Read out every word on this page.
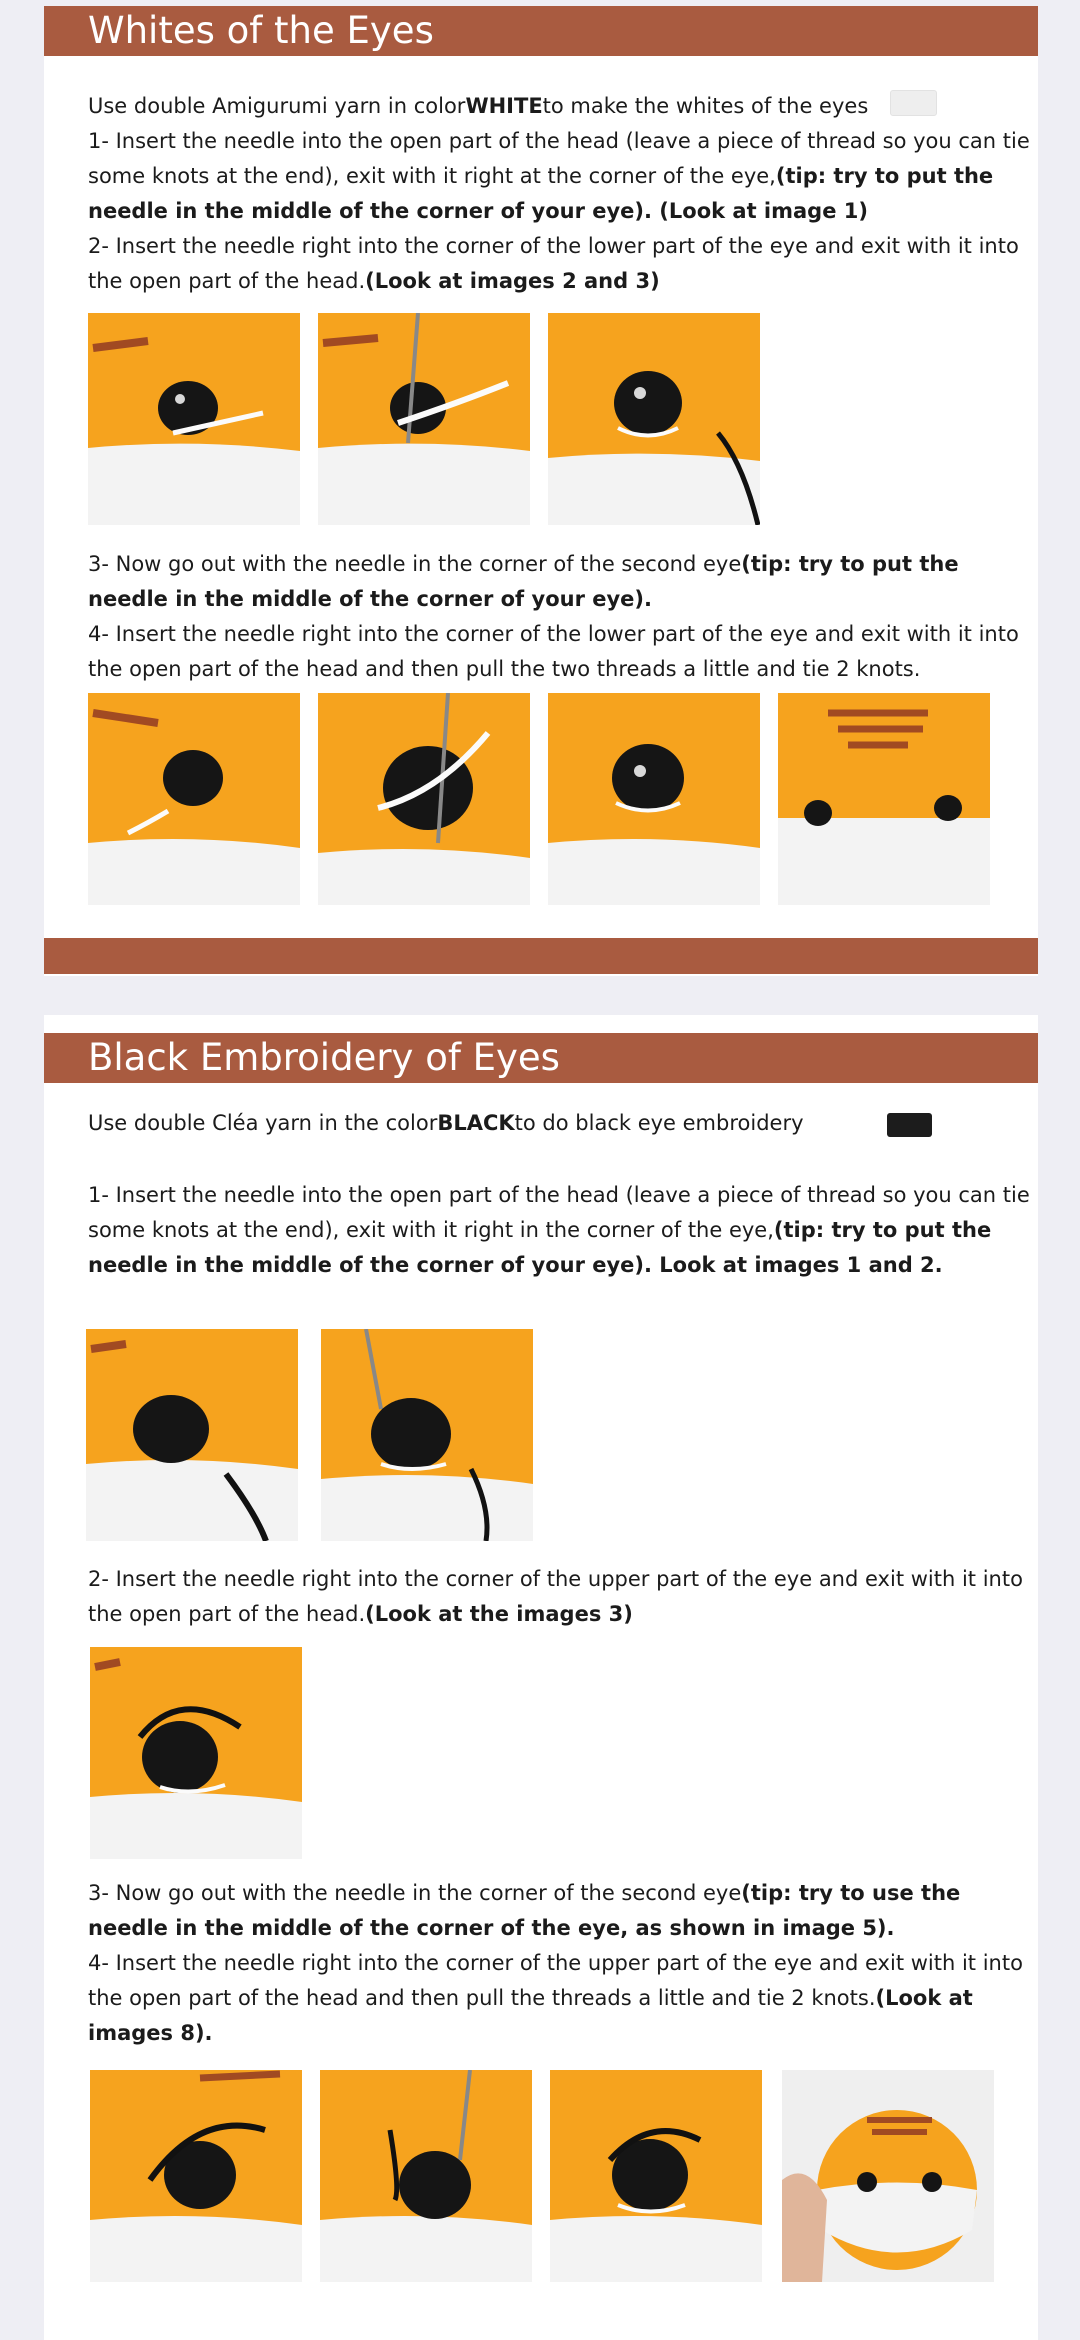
Whites of the Eyes

Use double Amigurumi yarn in colorWHITEto make the whites of the eyes

1- Insert the needle into the open part of the head (leave a piece of thread so you can tie some knots at the end), exit with it right at the corner of the eye,(tip: try to put the needle in the middle of the corner of your eye). (Look at image 1)

2- Insert the needle right into the corner of the lower part of the eye and exit with it into the open part of the head.(Look at images 2 and 3)

3- Now go out with the needle in the corner of the second eye(tip: try to put the needle in the middle of the corner of your eye).

4- Insert the needle right into the corner of the lower part of the eye and exit with it into the open part of the head and then pull the two threads a little and tie 2 knots.

Black Embroidery of Eyes

Use double Cléa yarn in the colorBLACKto do black eye embroidery

1- Insert the needle into the open part of the head (leave a piece of thread so you can tie some knots at the end), exit with it right in the corner of the eye,(tip: try to put the needle in the middle of the corner of your eye). Look at images 1 and 2.

2- Insert the needle right into the corner of the upper part of the eye and exit with it into the open part of the head.(Look at the images 3)

3- Now go out with the needle in the corner of the second eye(tip: try to use the needle in the middle of the corner of the eye, as shown in image 5).

4- Insert the needle right into the corner of the upper part of the eye and exit with it into the open part of the head and then pull the threads a little and tie 2 knots.(Look at images 8).
